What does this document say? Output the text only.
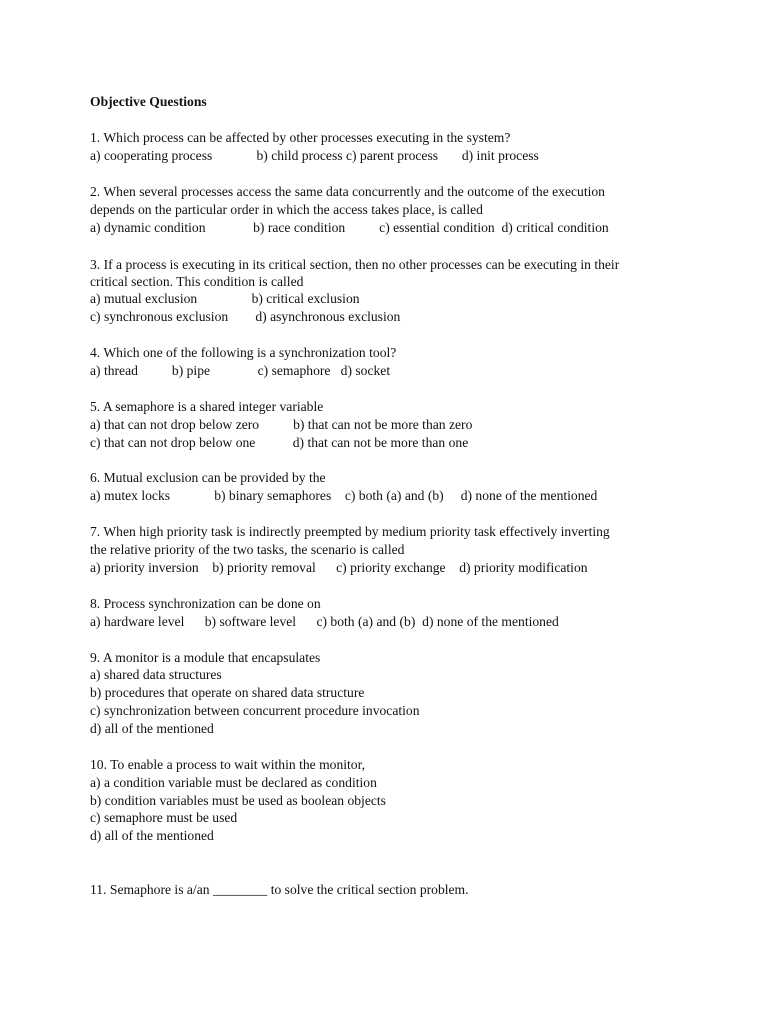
Objective Questions
1. Which process can be affected by other processes executing in the system?
a) cooperating process             b) child process c) parent process       d) init process
2. When several processes access the same data concurrently and the outcome of the execution
depends on the particular order in which the access takes place, is called
a) dynamic condition              b) race condition          c) essential condition  d) critical condition
3. If a process is executing in its critical section, then no other processes can be executing in their
critical section. This condition is called
a) mutual exclusion                b) critical exclusion
c) synchronous exclusion        d) asynchronous exclusion
4. Which one of the following is a synchronization tool?
a) thread          b) pipe              c) semaphore   d) socket
5. A semaphore is a shared integer variable
a) that can not drop below zero          b) that can not be more than zero
c) that can not drop below one           d) that can not be more than one
6. Mutual exclusion can be provided by the
a) mutex locks             b) binary semaphores    c) both (a) and (b)     d) none of the mentioned
7. When high priority task is indirectly preempted by medium priority task effectively inverting
the relative priority of the two tasks, the scenario is called
a) priority inversion    b) priority removal      c) priority exchange    d) priority modification
8. Process synchronization can be done on
a) hardware level      b) software level      c) both (a) and (b)  d) none of the mentioned
9. A monitor is a module that encapsulates
a) shared data structures
b) procedures that operate on shared data structure
c) synchronization between concurrent procedure invocation
d) all of the mentioned
10. To enable a process to wait within the monitor,
a) a condition variable must be declared as condition
b) condition variables must be used as boolean objects
c) semaphore must be used
d) all of the mentioned
11. Semaphore is a/an ________ to solve the critical section problem.
